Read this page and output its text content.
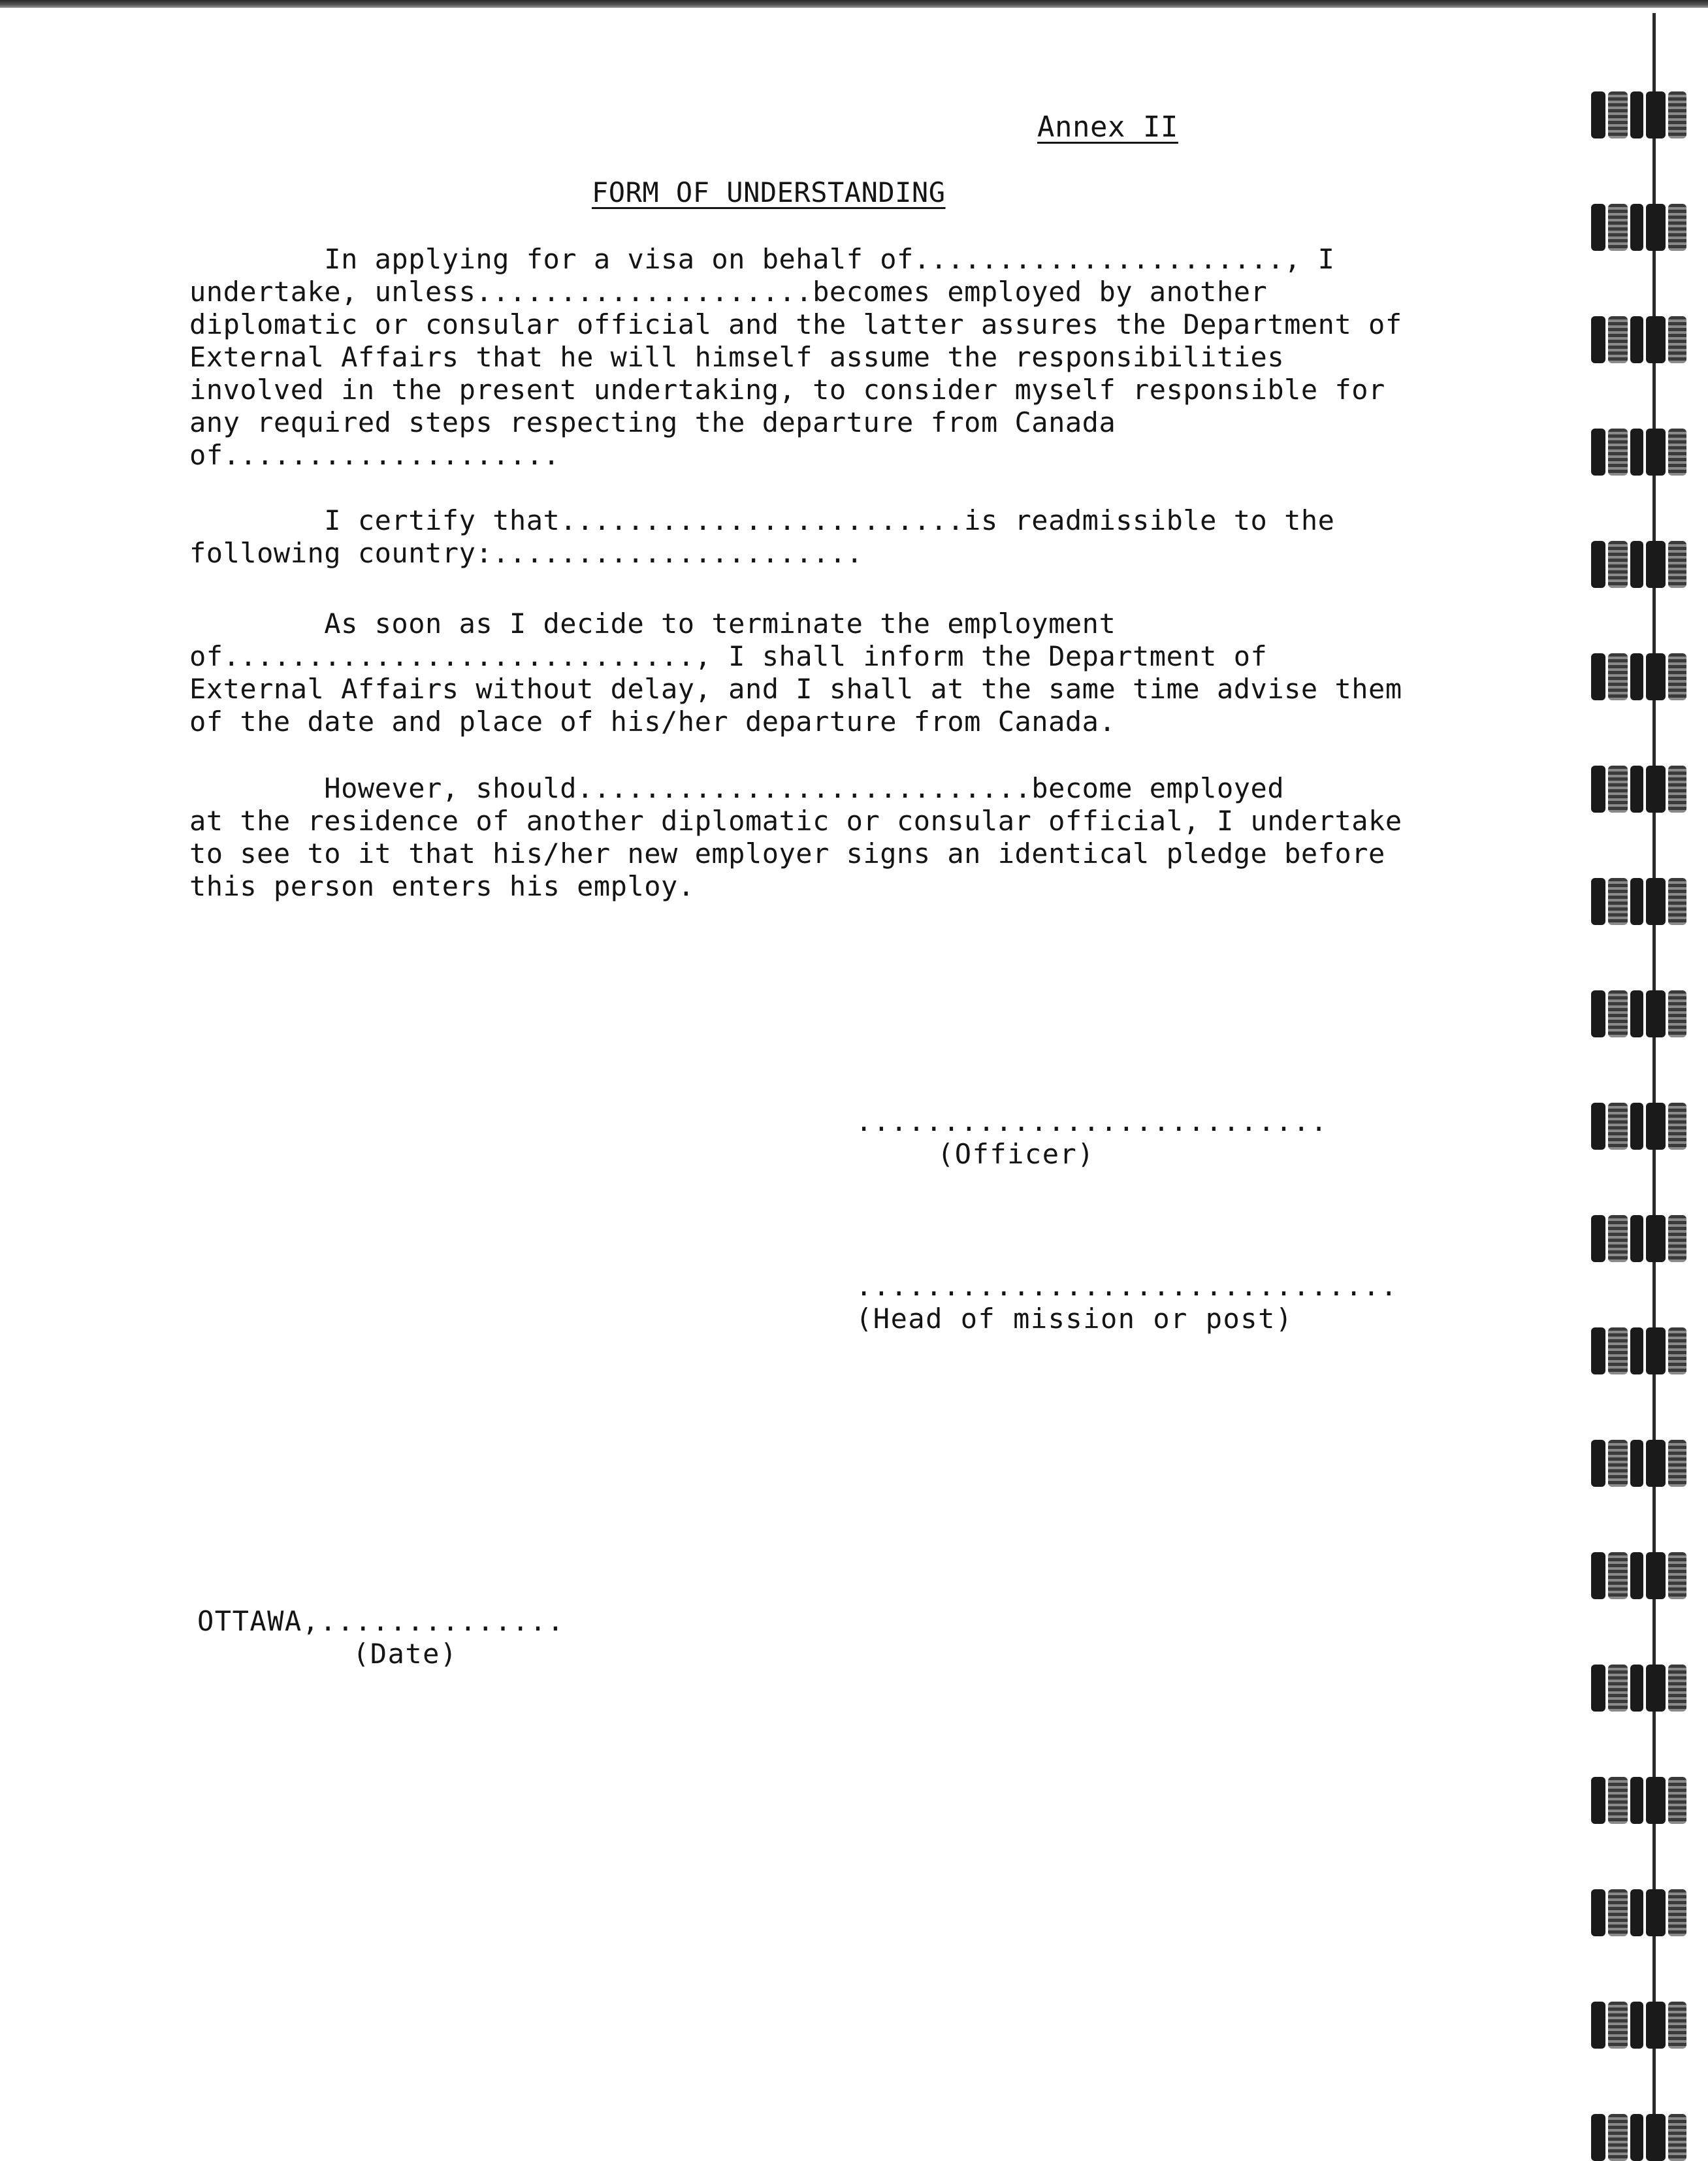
Annex II
FORM OF UNDERSTANDING
In applying for a visa on behalf of......................, I
undertake, unless....................becomes employed by another
diplomatic or consular official and the latter assures the Department of
External Affairs that he will himself assume the responsibilities
involved in the present undertaking, to consider myself responsible for
any required steps respecting the departure from Canada
of....................
I certify that........................is readmissible to the
following country:......................
As soon as I decide to terminate the employment
of............................, I shall inform the Department of
External Affairs without delay, and I shall at the same time advise them
of the date and place of his/her departure from Canada.
However, should...........................become employed
at the residence of another diplomatic or consular official, I undertake
to see to it that his/her new employer signs an identical pledge before
this person enters his employ.
...........................
(Officer)
...............................
(Head of mission or post)
OTTAWA,..............
(Date)
